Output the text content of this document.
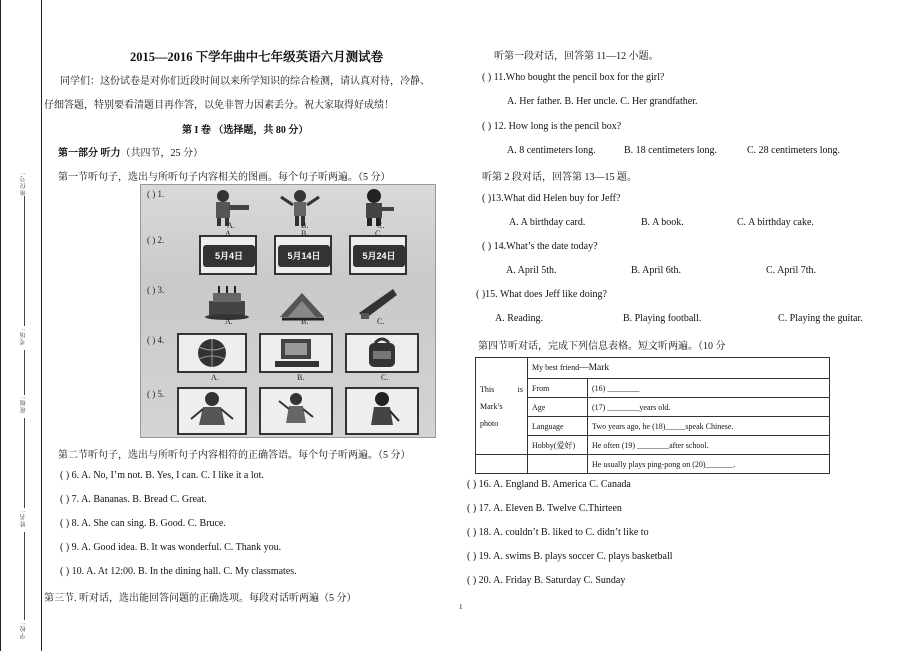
座位号:
考场:
班级:
姓名:
学校:
2015—2016 下学年曲中七年级英语六月测试卷
同学们：这份试卷是对你们近段时间以来所学知识的综合检测，请认真对待，冷静、
仔细答题，特别要看清题目再作答，以免非智力因素丢分。祝大家取得好成绩！
第 I 卷 （选择题，共 80 分）
第一部分 听力（共四节，25 分）
第一节听句子，选出与所听句子内容相关的图画。每个句子听两遍。（5 分）
( ) 1.
A.	B.	C.
( ) 2.
5月4日	5月14日	5月24日
A.	B.	C.
( ) 3.
A.	B.	C.
( ) 4.
A.	B.	C.
( ) 5.
第二节听句子，选出与所听句子内容相符的正确答语。每个句子听两遍。（5 分）
( ) 6. A. No, I’m not. B. Yes, I can. C. I like it a lot.
( ) 7. A. Bananas. B. Bread C. Great.
( ) 8. A. She can sing. B. Good. C. Bruce.
( ) 9. A. Good idea. B. It was wonderful. C. Thank you.
( ) 10. A. At 12:00. B. In the dining hall. C. My classmates.
第三节. 听对话，选出能回答问题的正确选项。每段对话听两遍（5 分）
听第一段对话，回答第 11—12 小题。
( ) 11.Who bought the pencil box for the girl?
A. Her father. B. Her uncle. C. Her grandfather.
( ) 12. How long is the pencil box?
A. 8 centimeters long.	B. 18 centimeters long.	C. 28 centimeters long.
听第 2 段对话，回答第 13—15 题。
( )13.What did Helen buy for Jeff?
A. A birthday card.	B. A book.	C. A birthday cake.
( ) 14.What’s the date today?
A. April 5th.	B. April 6th.	C. April 7th.
( )15. What does Jeff like doing?
A. Reading.	B. Playing football.	C. Playing the guitar.
第四节听对话，完成下列信息表格。短文听两遍。（10 分
This is

Mark’s
photo	My best friend—Mark	
	From	(16) ________
	Age	(17) ________years old.
	Language	Two years ago, he (18)_____speak Chinese.
	Hobby(爱好)	He often (19) ________after school.
		He usually plays ping-pong on (20)_______.
( ) 16. A. England B. America C. Canada
( ) 17. A. Eleven B. Twelve C.Thirteen
( ) 18. A. couldn’t B. liked to C. didn’t like to
( ) 19. A. swims B. plays soccer C. plays basketball
( ) 20. A. Friday B. Saturday C. Sunday
1
